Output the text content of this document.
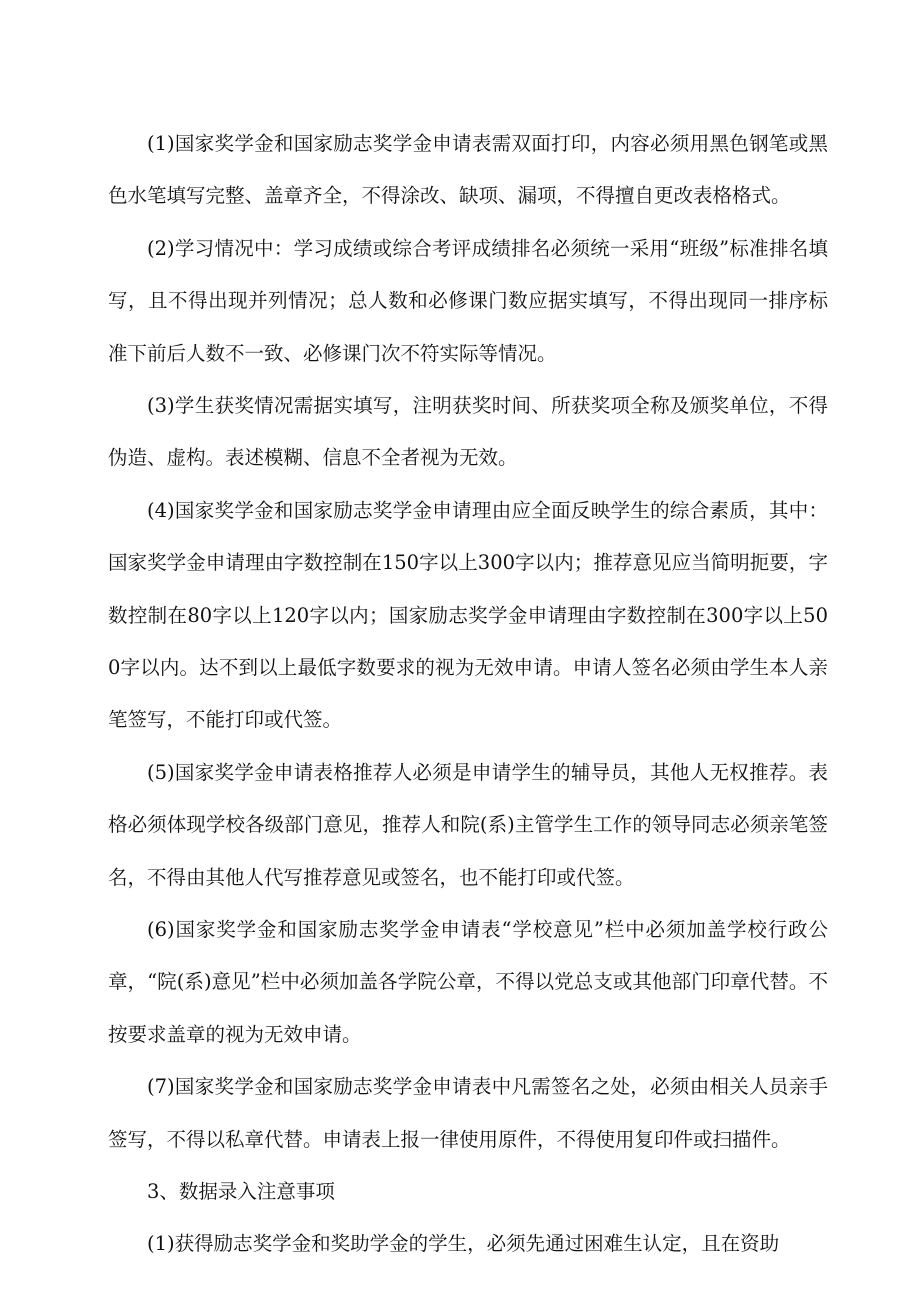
(1)国家奖学金和国家励志奖学金申请表需双面打印，内容必须用黑色钢笔或黑色水笔填写完整、盖章齐全，不得涂改、缺项、漏项，不得擅自更改表格格式。

(2)学习情况中：学习成绩或综合考评成绩排名必须统一采用“班级”标准排名填写，且不得出现并列情况；总人数和必修课门数应据实填写，不得出现同一排序标准下前后人数不一致、必修课门次不符实际等情况。

(3)学生获奖情况需据实填写，注明获奖时间、所获奖项全称及颁奖单位，不得伪造、虚构。表述模糊、信息不全者视为无效。

(4)国家奖学金和国家励志奖学金申请理由应全面反映学生的综合素质，其中：国家奖学金申请理由字数控制在150字以上300字以内；推荐意见应当简明扼要，字数控制在80字以上120字以内；国家励志奖学金申请理由字数控制在300字以上500字以内。达不到以上最低字数要求的视为无效申请。申请人签名必须由学生本人亲笔签写，不能打印或代签。

(5)国家奖学金申请表格推荐人必须是申请学生的辅导员，其他人无权推荐。表格必须体现学校各级部门意见，推荐人和院(系)主管学生工作的领导同志必须亲笔签名，不得由其他人代写推荐意见或签名，也不能打印或代签。

(6)国家奖学金和国家励志奖学金申请表“学校意见”栏中必须加盖学校行政公章，“院(系)意见”栏中必须加盖各学院公章，不得以党总支或其他部门印章代替。不按要求盖章的视为无效申请。

(7)国家奖学金和国家励志奖学金申请表中凡需签名之处，必须由相关人员亲手签写，不得以私章代替。申请表上报一律使用原件，不得使用复印件或扫描件。

3、数据录入注意事项

(1)获得励志奖学金和奖助学金的学生，必须先通过困难生认定，且在资助
